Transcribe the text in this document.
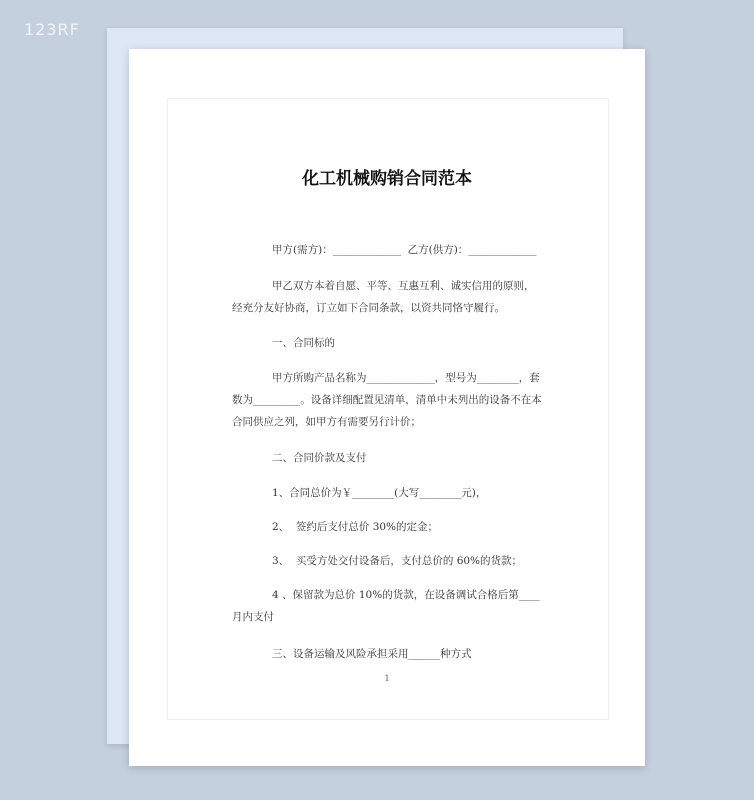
123RF
化工机械购销合同范本
甲方(需方)：_____________  乙方(供方)：_____________
甲乙双方本着自愿、平等、互惠互利、诚实信用的原则，经充分友好协商，订立如下合同条款，以资共同恪守履行。
一、合同标的
甲方所购产品名称为_____________，型号为________，套数为_________。设备详细配置见清单，清单中未列出的设备不在本合同供应之列，如甲方有需要另行计价；
二、合同价款及支付
1、合同总价为￥________(大写________元)，
2、  签约后支付总价 30%的定金；
3、  买受方处交付设备后，支付总价的 60%的货款；
4 、保留款为总价 10%的货款，在设备调试合格后第____月内支付
三、设备运输及风险承担采用______种方式
1
